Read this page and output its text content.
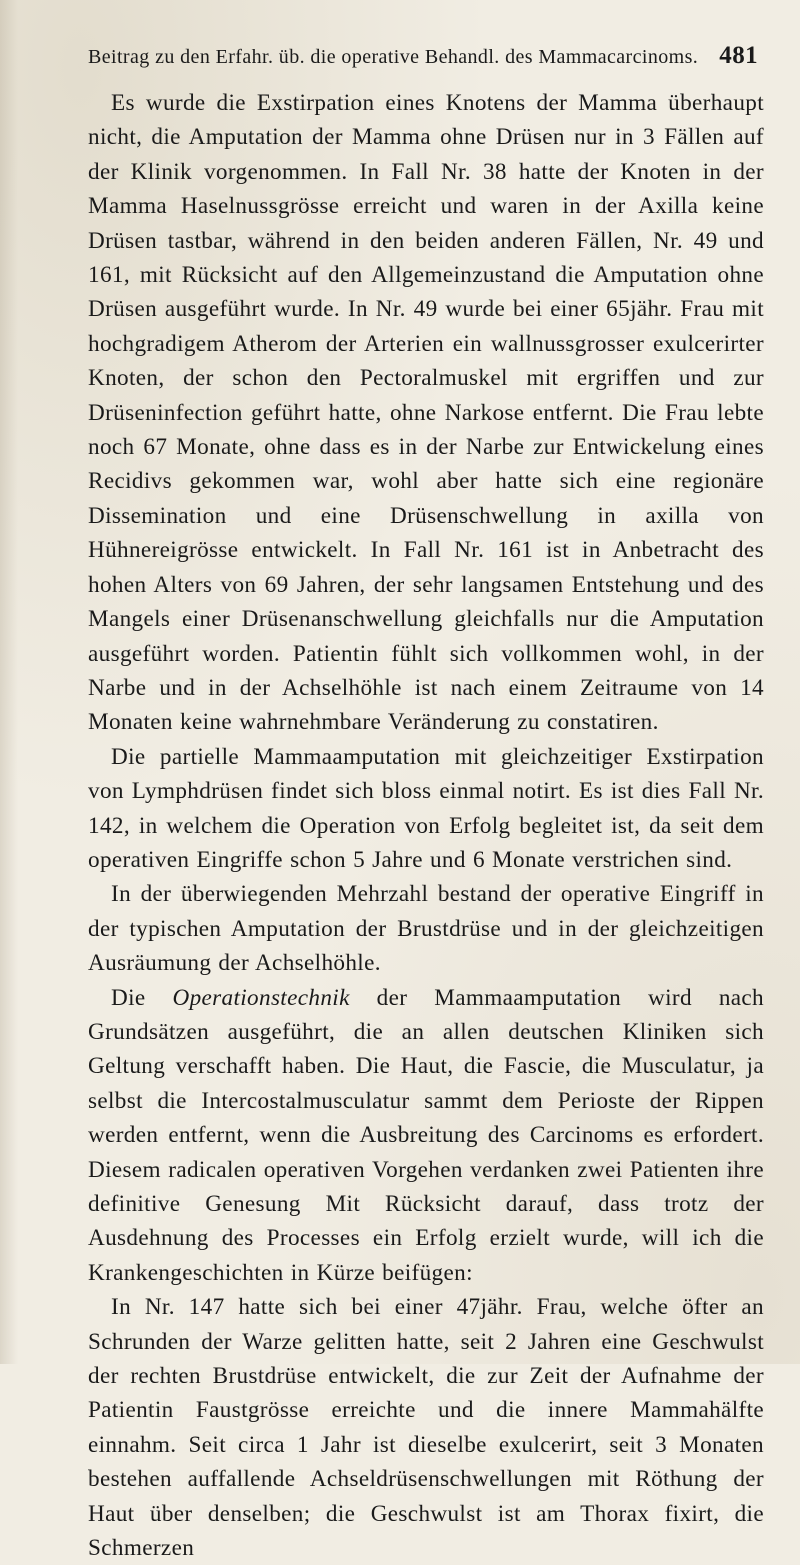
Beitrag zu den Erfahr. üb. die operative Behandl. des Mammacarcinoms. 481

Es wurde die Exstirpation eines Knotens der Mamma überhaupt nicht, die Amputation der Mamma ohne Drüsen nur in 3 Fällen auf der Klinik vorgenommen. In Fall Nr. 38 hatte der Knoten in der Mamma Haselnussgrösse erreicht und waren in der Axilla keine Drüsen tastbar, während in den beiden anderen Fällen, Nr. 49 und 161, mit Rücksicht auf den Allgemeinzustand die Amputation ohne Drüsen ausgeführt wurde. In Nr. 49 wurde bei einer 65jähr. Frau mit hochgradigem Atherom der Arterien ein wallnussgrosser exulcerirter Knoten, der schon den Pectoralmuskel mit ergriffen und zur Drüseninfection geführt hatte, ohne Narkose entfernt. Die Frau lebte noch 67 Monate, ohne dass es in der Narbe zur Entwickelung eines Recidivs gekommen war, wohl aber hatte sich eine regionäre Dissemination und eine Drüsenschwellung in axilla von Hühnereigrösse entwickelt. In Fall Nr. 161 ist in Anbetracht des hohen Alters von 69 Jahren, der sehr langsamen Entstehung und des Mangels einer Drüsenanschwellung gleichfalls nur die Amputation ausgeführt worden. Patientin fühlt sich vollkommen wohl, in der Narbe und in der Achselhöhle ist nach einem Zeitraume von 14 Monaten keine wahrnehmbare Veränderung zu constatiren.

Die partielle Mammaamputation mit gleichzeitiger Exstirpation von Lymphdrüsen findet sich bloss einmal notirt. Es ist dies Fall Nr. 142, in welchem die Operation von Erfolg begleitet ist, da seit dem operativen Eingriffe schon 5 Jahre und 6 Monate verstrichen sind.

In der überwiegenden Mehrzahl bestand der operative Eingriff in der typischen Amputation der Brustdrüse und in der gleichzeitigen Ausräumung der Achselhöhle.

Die Operationstechnik der Mammaamputation wird nach Grundsätzen ausgeführt, die an allen deutschen Kliniken sich Geltung verschafft haben. Die Haut, die Fascie, die Musculatur, ja selbst die Intercostalmusculatur sammt dem Perioste der Rippen werden entfernt, wenn die Ausbreitung des Carcinoms es erfordert. Diesem radicalen operativen Vorgehen verdanken zwei Patienten ihre definitive Genesung Mit Rücksicht darauf, dass trotz der Ausdehnung des Processes ein Erfolg erzielt wurde, will ich die Krankengeschichten in Kürze beifügen:

In Nr. 147 hatte sich bei einer 47jähr. Frau, welche öfter an Schrunden der Warze gelitten hatte, seit 2 Jahren eine Geschwulst der rechten Brustdrüse entwickelt, die zur Zeit der Aufnahme der Patientin Faustgrösse erreichte und die innere Mammahälfte einnahm. Seit circa 1 Jahr ist dieselbe exulcerirt, seit 3 Monaten bestehen auffallende Achseldrüsenschwellungen mit Röthung der Haut über denselben; die Geschwulst ist am Thorax fixirt, die Schmerzen
